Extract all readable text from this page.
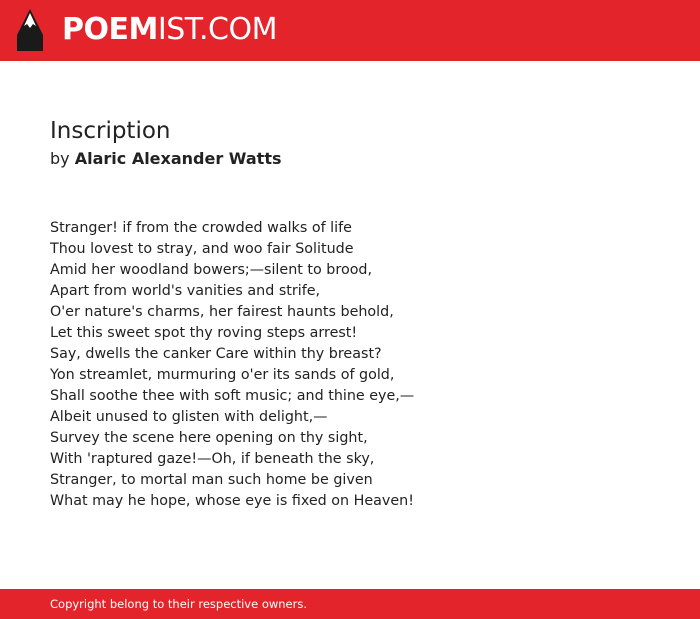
POEMIST.COM
Inscription
by Alaric Alexander Watts
Stranger! if from the crowded walks of life
Thou lovest to stray, and woo fair Solitude
Amid her woodland bowers;—silent to brood,
Apart from world's vanities and strife,
O'er nature's charms, her fairest haunts behold,
Let this sweet spot thy roving steps arrest!
Say, dwells the canker Care within thy breast?
Yon streamlet, murmuring o'er its sands of gold,
Shall soothe thee with soft music; and thine eye,—
Albeit unused to glisten with delight,—
Survey the scene here opening on thy sight,
With 'raptured gaze!—Oh, if beneath the sky,
Stranger, to mortal man such home be given
What may he hope, whose eye is fixed on Heaven!
Copyright belong to their respective owners.
